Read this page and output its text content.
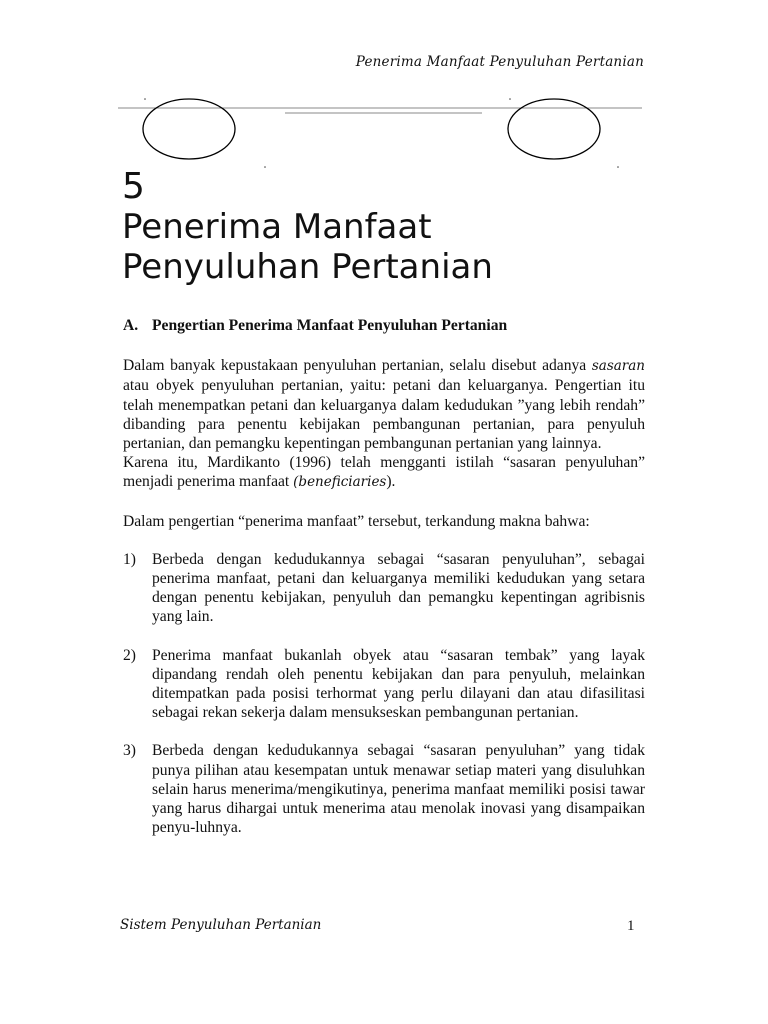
Penerima Manfaat Penyuluhan Pertanian
5
Penerima Manfaat
Penyuluhan Pertanian
A. Pengertian Penerima Manfaat Penyuluhan Pertanian

Dalam banyak kepustakaan penyuluhan pertanian, selalu disebut adanya sasaran atau obyek penyuluhan pertanian, yaitu: petani dan keluarganya. Pengertian itu telah menempatkan petani dan keluarganya dalam kedudukan ”yang lebih rendah” dibanding para penentu kebijakan pembangunan pertanian, para penyuluh pertanian, dan pemangku kepentingan pembangunan pertanian yang lainnya.

Karena itu, Mardikanto (1996) telah mengganti istilah “sasaran penyuluhan” menjadi penerima manfaat (beneficiaries).

Dalam pengertian “penerima manfaat” tersebut, terkandung makna bahwa:

1) Berbeda dengan kedudukannya sebagai “sasaran penyuluhan”, sebagai penerima manfaat, petani dan keluarganya memiliki kedudukan yang setara dengan penentu kebijakan, penyuluh dan pemangku kepentingan agribisnis yang lain.
2) Penerima manfaat bukanlah obyek atau “sasaran tembak” yang layak dipandang rendah oleh penentu kebijakan dan para penyuluh, melainkan ditempatkan pada posisi terhormat yang perlu dilayani dan atau difasilitasi sebagai rekan sekerja dalam mensukseskan pembangunan pertanian.
3) Berbeda dengan kedudukannya sebagai “sasaran penyuluhan” yang tidak punya pilihan atau kesempatan untuk menawar setiap materi yang disuluhkan selain harus menerima/mengikutinya, penerima manfaat memiliki posisi tawar yang harus dihargai untuk menerima atau menolak inovasi yang disampaikan penyu-luhnya.
Sistem Penyuluhan Pertanian	1
